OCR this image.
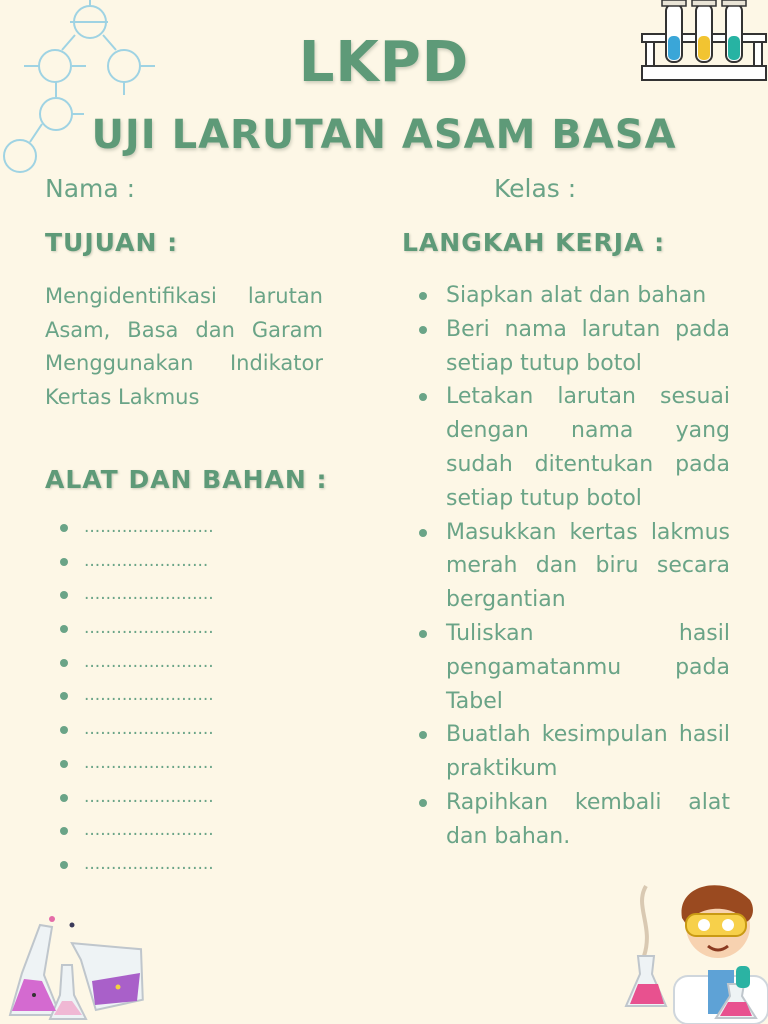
LKPD
UJI LARUTAN ASAM BASA
Nama :	Kelas :
TUJUAN :
Mengidentifikasi larutan Asam, Basa dan Garam Menggunakan Indikator Kertas Lakmus
ALAT DAN BAHAN :
........................
.......................
........................
........................
........................
........................
........................
........................
........................
........................
........................
LANGKAH KERJA :
Siapkan alat dan bahan
Beri nama larutan pada setiap tutup botol
Letakan larutan sesuai dengan nama yang sudah ditentukan pada setiap tutup botol
Masukkan kertas lakmus merah dan biru secara bergantian
Tuliskan hasil pengamatanmu pada Tabel
Buatlah kesimpulan hasil praktikum
Rapihkan kembali alat dan bahan.
